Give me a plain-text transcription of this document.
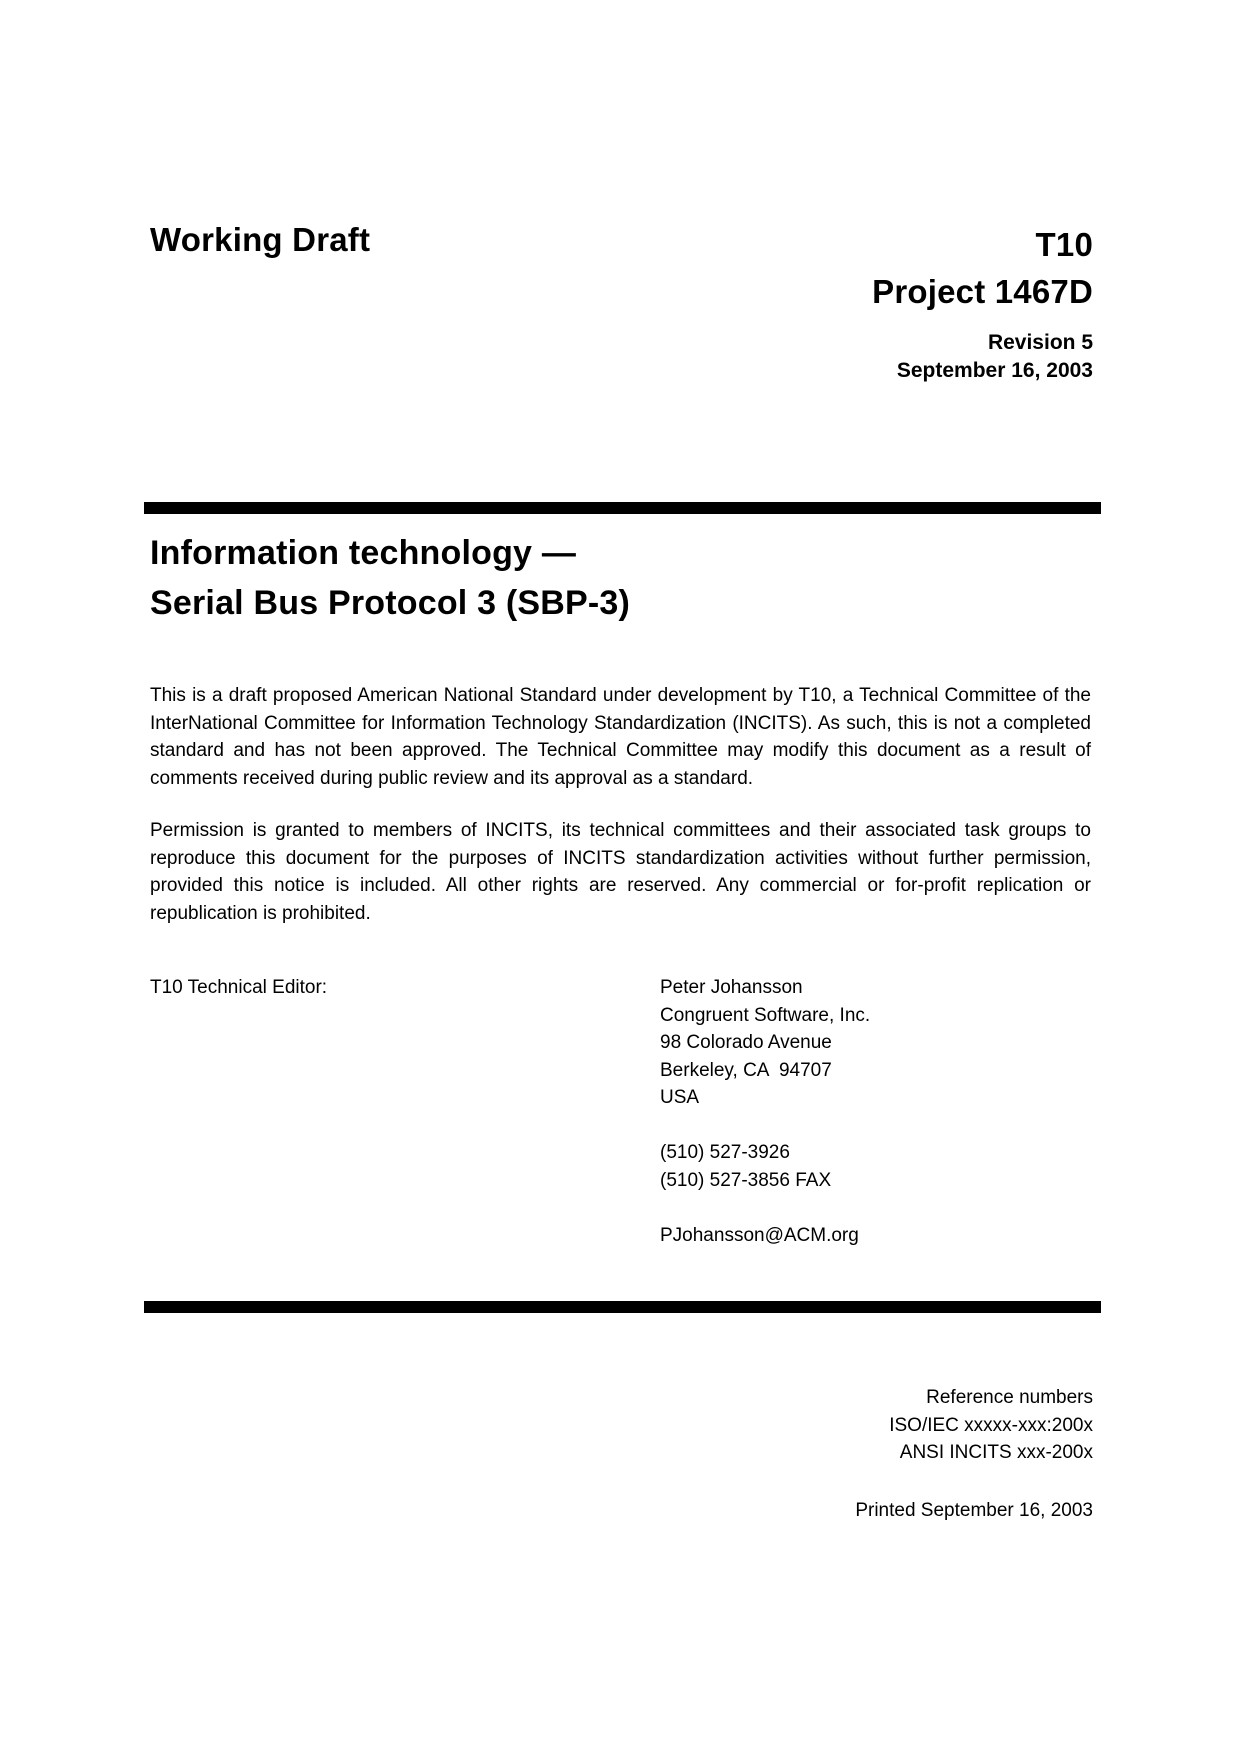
Working Draft	T10
Project 1467D
Revision 5
September 16, 2003
Information technology —
Serial Bus Protocol 3 (SBP-3)

This is a draft proposed American National Standard under development by T10, a Technical Committee of the InterNational Committee for Information Technology Standardization (INCITS). As such, this is not a completed standard and has not been approved. The Technical Committee may modify this document as a result of comments received during public review and its approval as a standard.

Permission is granted to members of INCITS, its technical committees and their associated task groups to reproduce this document for the purposes of INCITS standardization activities without further permission, provided this notice is included. All other rights are reserved. Any commercial or for-profit replication or republication is prohibited.

T10 Technical Editor:	Peter Johansson
Congruent Software, Inc.
98 Colorado Avenue
Berkeley, CA  94707
USA
(510) 527-3926
(510) 527-3856 FAX
PJohansson@ACM.org
Reference numbers
ISO/IEC xxxxx-xxx:200x
ANSI INCITS xxx-200x
Printed September 16, 2003
